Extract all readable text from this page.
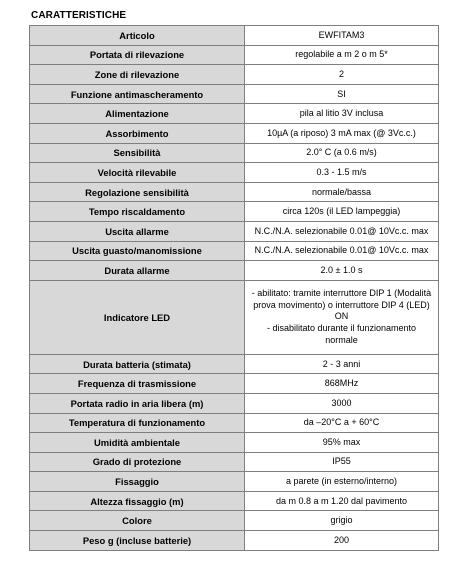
CARATTERISTICHE
Articolo	EWFITAM3
Portata di rilevazione	regolabile a m 2 o m 5*
Zone di rilevazione	2
Funzione antimascheramento	SI
Alimentazione	pila al litio 3V inclusa
Assorbimento	10µA (a riposo) 3 mA max (@ 3Vc.c.)
Sensibilità	2.0° C (a 0.6 m/s)
Velocità rilevabile	0.3 - 1.5 m/s
Regolazione sensibilità	normale/bassa
Tempo riscaldamento	circa 120s (il LED lampeggia)
Uscita allarme	N.C./N.A. selezionabile 0.01@ 10Vc.c. max
Uscita guasto/manomissione	N.C./N.A. selezionabile 0.01@ 10Vc.c. max
Durata allarme	2.0 ± 1.0 s
Indicatore LED	- abilitato: tramite interruttore DIP 1 (Modalità
prova movimento) o interruttore DIP 4 (LED)
ON
- disabilitato durante il funzionamento
normale

Durata batteria (stimata)	2 - 3 anni
Frequenza di trasmissione	868MHz
Portata radio in aria libera (m)	3000
Temperatura di funzionamento	da –20°C a + 60°C
Umidità ambientale	95% max
Grado di protezione	IP55
Fissaggio	a parete (in esterno/interno)
Altezza fissaggio (m)	da m 0.8 a m 1.20 dal pavimento
Colore	grigio
Peso g (incluse batterie)	200
